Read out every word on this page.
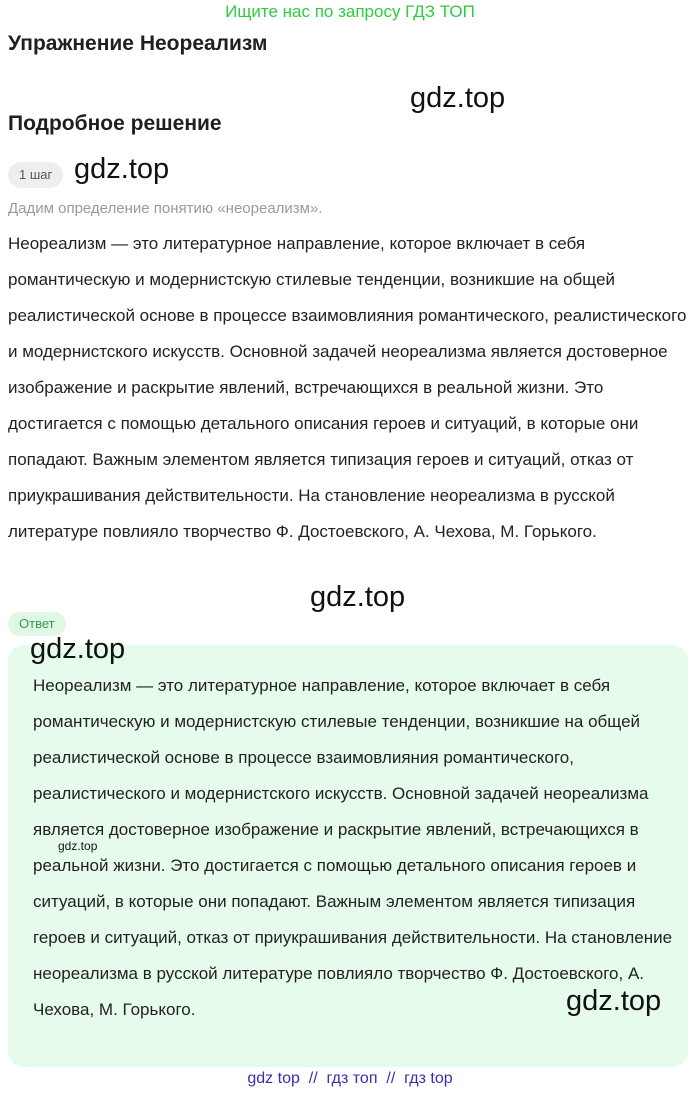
Ищите нас по запросу ГДЗ ТОП
Упражнение Неореализм
gdz.top
Подробное решение
1 шаг gdz.top
Дадим определение понятию «неореализм».
Неореализм — это литературное направление, которое включает в себя романтическую и модернистскую стилевые тенденции, возникшие на общей реалистической основе в процессе взаимовлияния романтического, реалистического и модернистского искусств. Основной задачей неореализма является достоверное изображение и раскрытие явлений, встречающихся в реальной жизни. Это достигается с помощью детального описания героев и ситуаций, в которые они попадают. Важным элементом является типизация героев и ситуаций, отказ от приукрашивания действительности. На становление неореализма в русской литературе повлияло творчество Ф. Достоевского, А. Чехова, М. Горького.
gdz.top
Ответ
gdz.top
Неореализм — это литературное направление, которое включает в себя романтическую и модернистскую стилевые тенденции, возникшие на общей реалистической основе в процессе взаимовлияния романтического, реалистического и модернистского искусств. Основной задачей неореализма является достоверное изображение и раскрытие явлений, встречающихся в реальной жизни. Это достигается с помощью детального описания героев и ситуаций, в которые они попадают. Важным элементом является типизация героев и ситуаций, отказ от приукрашивания действительности. На становление неореализма в русской литературе повлияло творчество Ф. Достоевского, А. Чехова, М. Горького.
gdz.top
gdz.top
gdz top  //  гдз топ  //  гдз top
